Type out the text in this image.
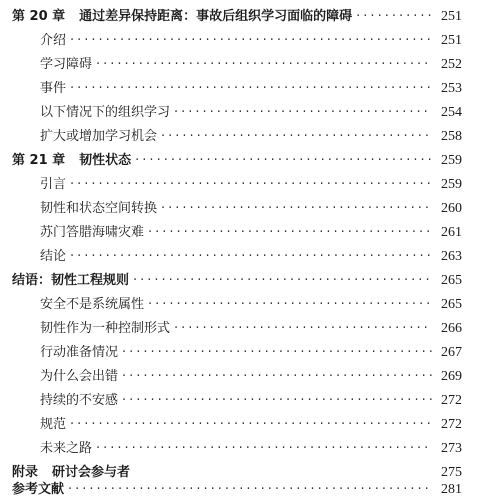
第 20 章 通过差异保持距离：事故后组织学习面临的障碍 ·····	251
介绍 ·····	251
学习障碍 ·····	252
事件 ·····	253
以下情况下的组织学习 ·····	254
扩大或增加学习机会 ·····	258
第 21 章 韧性状态 ·····	259
引言 ·····	259
韧性和状态空间转换 ·····	260
苏门答腊海啸灾难 ·····	261
结论 ·····	263
结语：韧性工程规则 ·····	265
安全不是系统属性 ·····	265
韧性作为一种控制形式 ·····	266
行动准备情况 ·····	267
为什么会出错 ·····	269
持续的不安感 ·····	272
规范 ·····	272
未来之路 ·····	273
附录 研讨会参与者	275
参考文献 ·····	281
